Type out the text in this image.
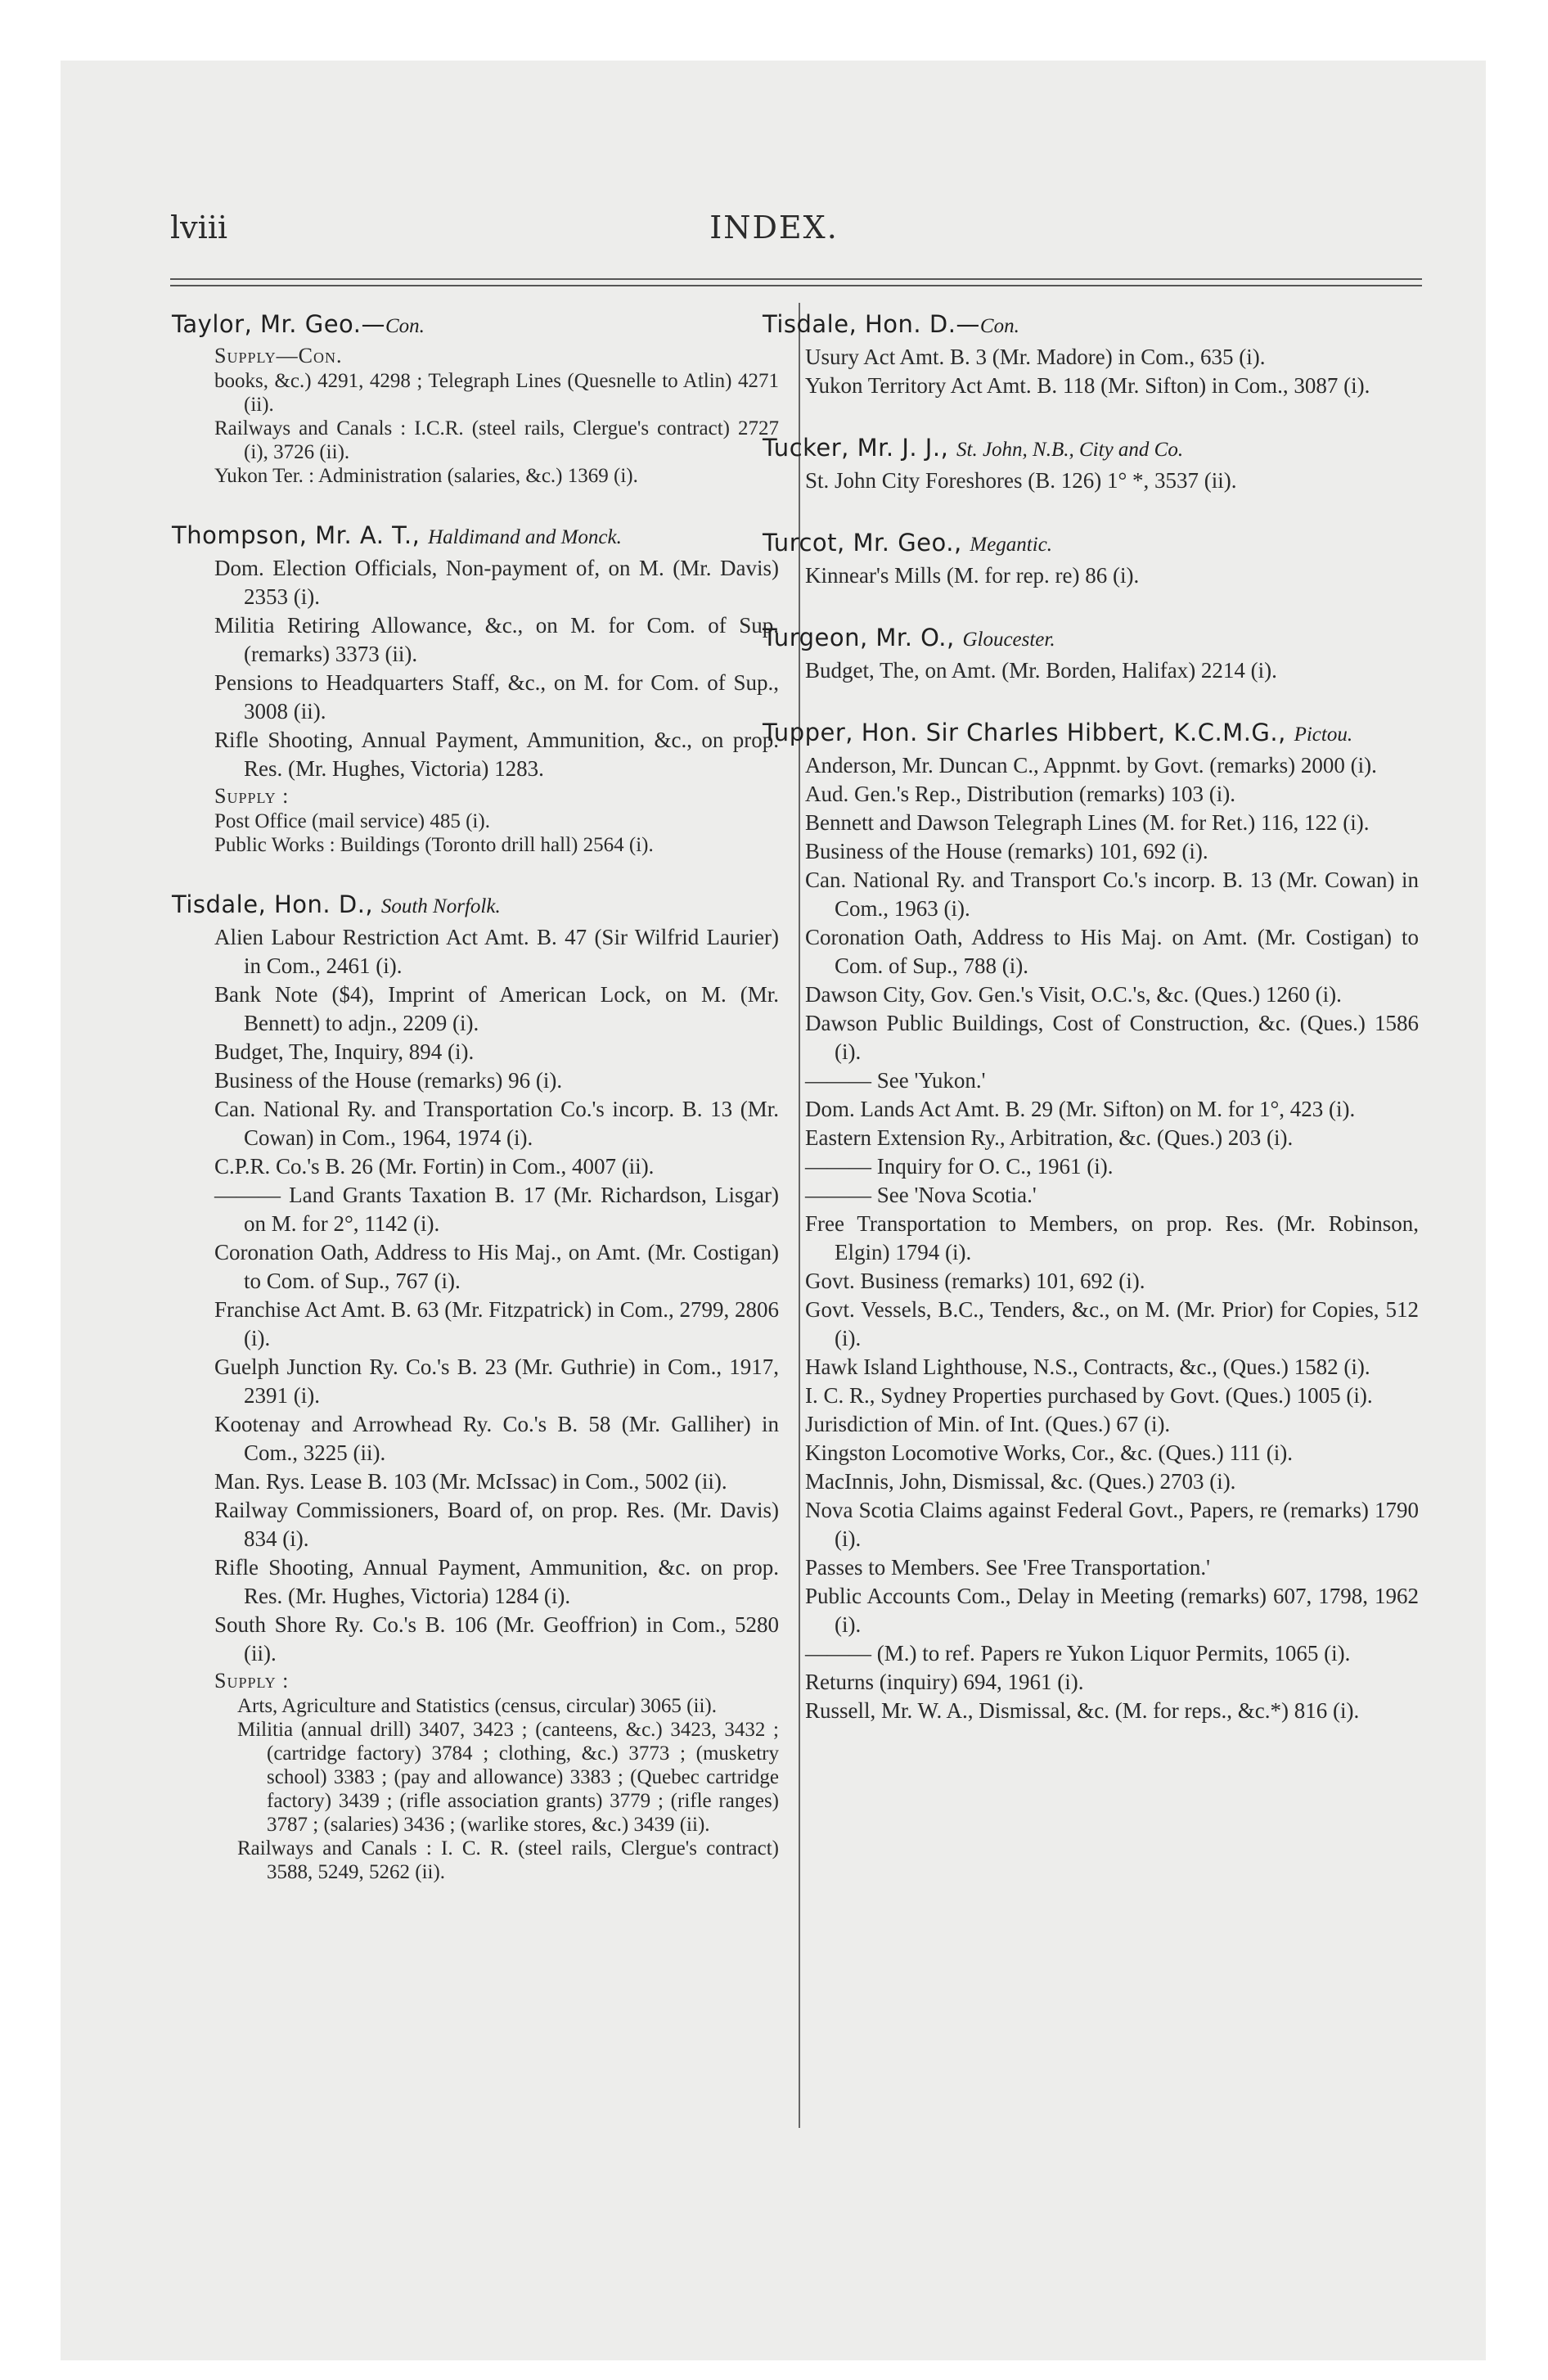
lviii	INDEX.
Taylor, Mr. Geo.—Con.
Supply—Con.
books, &c.) 4291, 4298 ; Telegraph Lines (Quesnelle to Atlin) 4271 (ii).
Railways and Canals : I.C.R. (steel rails, Clergue's contract) 2727 (i), 3726 (ii).
Yukon Ter. : Administration (salaries, &c.) 1369 (i).
Thompson, Mr. A. T., Haldimand and Monck.
Dom. Election Officials, Non-payment of, on M. (Mr. Davis) 2353 (i).
Militia Retiring Allowance, &c., on M. for Com. of Sup. (remarks) 3373 (ii).
Pensions to Headquarters Staff, &c., on M. for Com. of Sup., 3008 (ii).
Rifle Shooting, Annual Payment, Ammunition, &c., on prop. Res. (Mr. Hughes, Victoria) 1283.
Supply :
Post Office (mail service) 485 (i).
Public Works : Buildings (Toronto drill hall) 2564 (i).
Tisdale, Hon. D., South Norfolk.
Alien Labour Restriction Act Amt. B. 47 (Sir Wilfrid Laurier) in Com., 2461 (i).
Bank Note ($4), Imprint of American Lock, on M. (Mr. Bennett) to adjn., 2209 (i).
Budget, The, Inquiry, 894 (i).
Business of the House (remarks) 96 (i).
Can. National Ry. and Transportation Co.'s incorp. B. 13 (Mr. Cowan) in Com., 1964, 1974 (i).
C.P.R. Co.'s B. 26 (Mr. Fortin) in Com., 4007 (ii).
——— Land Grants Taxation B. 17 (Mr. Richardson, Lisgar) on M. for 2°, 1142 (i).
Coronation Oath, Address to His Maj., on Amt. (Mr. Costigan) to Com. of Sup., 767 (i).
Franchise Act Amt. B. 63 (Mr. Fitzpatrick) in Com., 2799, 2806 (i).
Guelph Junction Ry. Co.'s B. 23 (Mr. Guthrie) in Com., 1917, 2391 (i).
Kootenay and Arrowhead Ry. Co.'s B. 58 (Mr. Galliher) in Com., 3225 (ii).
Man. Rys. Lease B. 103 (Mr. McIssac) in Com., 5002 (ii).
Railway Commissioners, Board of, on prop. Res. (Mr. Davis) 834 (i).
Rifle Shooting, Annual Payment, Ammunition, &c. on prop. Res. (Mr. Hughes, Victoria) 1284 (i).
South Shore Ry. Co.'s B. 106 (Mr. Geoffrion) in Com., 5280 (ii).
Supply :
Arts, Agriculture and Statistics (census, circular) 3065 (ii).
Militia (annual drill) 3407, 3423 ; (canteens, &c.) 3423, 3432 ; (cartridge factory) 3784 ; clothing, &c.) 3773 ; (musketry school) 3383 ; (pay and allowance) 3383 ; (Quebec cartridge factory) 3439 ; (rifle association grants) 3779 ; (rifle ranges) 3787 ; (salaries) 3436 ; (warlike stores, &c.) 3439 (ii).
Railways and Canals : I. C. R. (steel rails, Clergue's contract) 3588, 5249, 5262 (ii).
Tisdale, Hon. D.—Con.
Usury Act Amt. B. 3 (Mr. Madore) in Com., 635 (i).
Yukon Territory Act Amt. B. 118 (Mr. Sifton) in Com., 3087 (i).
Tucker, Mr. J. J., St. John, N.B., City and Co.
St. John City Foreshores (B. 126) 1° *, 3537 (ii).
Turcot, Mr. Geo., Megantic.
Kinnear's Mills (M. for rep. re) 86 (i).
Turgeon, Mr. O., Gloucester.
Budget, The, on Amt. (Mr. Borden, Halifax) 2214 (i).
Tupper, Hon. Sir Charles Hibbert, K.C.M.G., Pictou.
Anderson, Mr. Duncan C., Appnmt. by Govt. (remarks) 2000 (i).
Aud. Gen.'s Rep., Distribution (remarks) 103 (i).
Bennett and Dawson Telegraph Lines (M. for Ret.) 116, 122 (i).
Business of the House (remarks) 101, 692 (i).
Can. National Ry. and Transport Co.'s incorp. B. 13 (Mr. Cowan) in Com., 1963 (i).
Coronation Oath, Address to His Maj. on Amt. (Mr. Costigan) to Com. of Sup., 788 (i).
Dawson City, Gov. Gen.'s Visit, O.C.'s, &c. (Ques.) 1260 (i).
Dawson Public Buildings, Cost of Construction, &c. (Ques.) 1586 (i).
——— See 'Yukon.'
Dom. Lands Act Amt. B. 29 (Mr. Sifton) on M. for 1°, 423 (i).
Eastern Extension Ry., Arbitration, &c. (Ques.) 203 (i).
——— Inquiry for O. C., 1961 (i).
——— See 'Nova Scotia.'
Free Transportation to Members, on prop. Res. (Mr. Robinson, Elgin) 1794 (i).
Govt. Business (remarks) 101, 692 (i).
Govt. Vessels, B.C., Tenders, &c., on M. (Mr. Prior) for Copies, 512 (i).
Hawk Island Lighthouse, N.S., Contracts, &c., (Ques.) 1582 (i).
I. C. R., Sydney Properties purchased by Govt. (Ques.) 1005 (i).
Jurisdiction of Min. of Int. (Ques.) 67 (i).
Kingston Locomotive Works, Cor., &c. (Ques.) 111 (i).
MacInnis, John, Dismissal, &c. (Ques.) 2703 (i).
Nova Scotia Claims against Federal Govt., Papers, re (remarks) 1790 (i).
Passes to Members. See 'Free Transportation.'
Public Accounts Com., Delay in Meeting (remarks) 607, 1798, 1962 (i).
——— (M.) to ref. Papers re Yukon Liquor Permits, 1065 (i).
Returns (inquiry) 694, 1961 (i).
Russell, Mr. W. A., Dismissal, &c. (M. for reps., &c.*) 816 (i).
